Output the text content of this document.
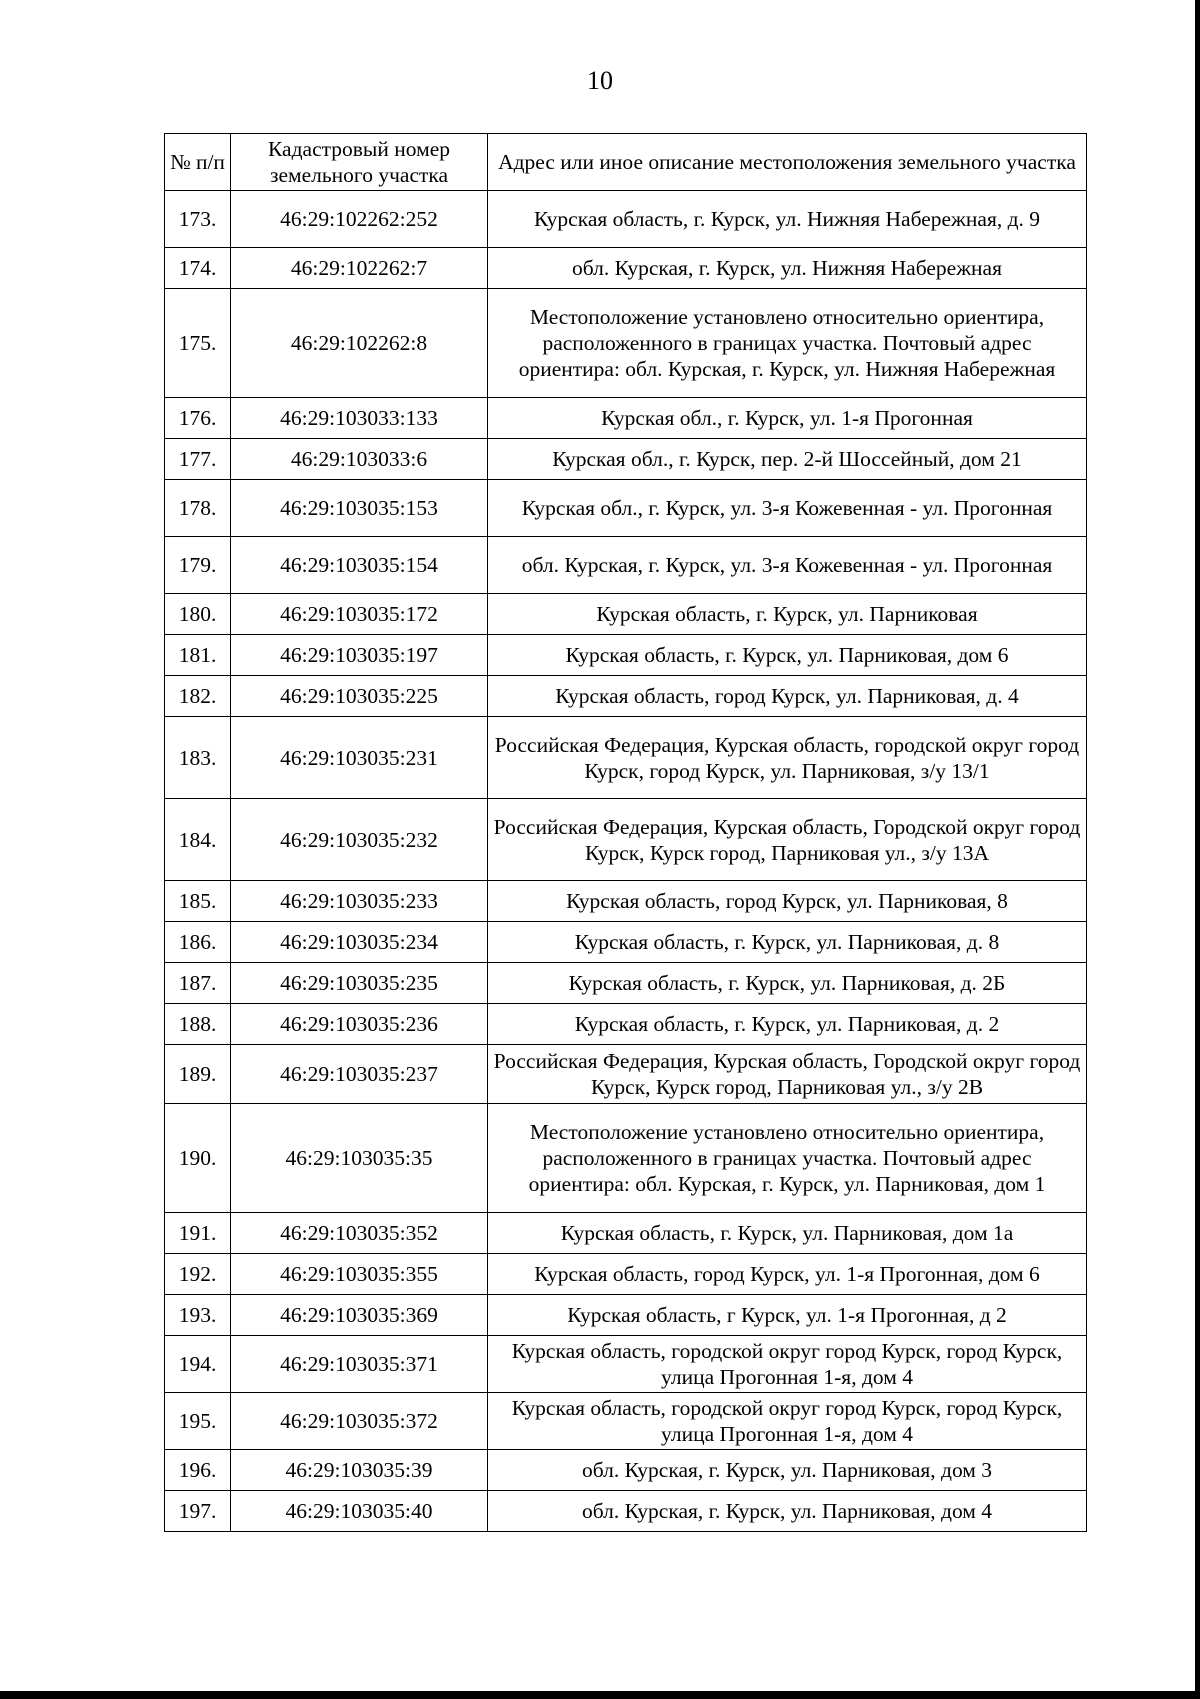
10
№ п/п	Кадастровый номер земельного участка	Адрес или иное описание местоположения земельного участка
173.	46:29:102262:252	Курская область, г. Курск, ул. Нижняя Набережная, д. 9
174.	46:29:102262:7	обл. Курская, г. Курск, ул. Нижняя Набережная
175.	46:29:102262:8	Местоположение установлено относительно ориентира, расположенного в границах участка. Почтовый адрес ориентира: обл. Курская, г. Курск, ул. Нижняя Набережная
176.	46:29:103033:133	Курская обл., г. Курск, ул. 1-я Прогонная
177.	46:29:103033:6	Курская обл., г. Курск, пер. 2-й Шоссейный, дом 21
178.	46:29:103035:153	Курская обл., г. Курск, ул. 3-я Кожевенная - ул. Прогонная
179.	46:29:103035:154	обл. Курская, г. Курск, ул. 3-я Кожевенная - ул. Прогонная
180.	46:29:103035:172	Курская область, г. Курск, ул. Парниковая
181.	46:29:103035:197	Курская область, г. Курск, ул. Парниковая, дом 6
182.	46:29:103035:225	Курская область, город Курск, ул. Парниковая, д. 4
183.	46:29:103035:231	Российская Федерация, Курская область, городской округ город Курск, город Курск, ул. Парниковая, з/у 13/1
184.	46:29:103035:232	Российская Федерация, Курская область, Городской округ город Курск, Курск город, Парниковая ул., з/у 13А
185.	46:29:103035:233	Курская область, город Курск, ул. Парниковая, 8
186.	46:29:103035:234	Курская область, г. Курск, ул. Парниковая, д. 8
187.	46:29:103035:235	Курская область, г. Курск, ул. Парниковая, д. 2Б
188.	46:29:103035:236	Курская область, г. Курск, ул. Парниковая, д. 2
189.	46:29:103035:237	Российская Федерация, Курская область, Городской округ город Курск, Курск город, Парниковая ул., з/у 2В
190.	46:29:103035:35	Местоположение установлено относительно ориентира, расположенного в границах участка. Почтовый адрес ориентира: обл. Курская, г. Курск, ул. Парниковая, дом 1
191.	46:29:103035:352	Курская область, г. Курск, ул. Парниковая, дом 1а
192.	46:29:103035:355	Курская область, город Курск, ул. 1-я Прогонная, дом 6
193.	46:29:103035:369	Курская область, г Курск, ул. 1-я Прогонная, д 2
194.	46:29:103035:371	Курская область, городской округ город Курск, город Курск, улица Прогонная 1-я, дом 4
195.	46:29:103035:372	Курская область, городской округ город Курск, город Курск, улица Прогонная 1-я, дом 4
196.	46:29:103035:39	обл. Курская, г. Курск, ул. Парниковая, дом 3
197.	46:29:103035:40	обл. Курская, г. Курск, ул. Парниковая, дом 4
